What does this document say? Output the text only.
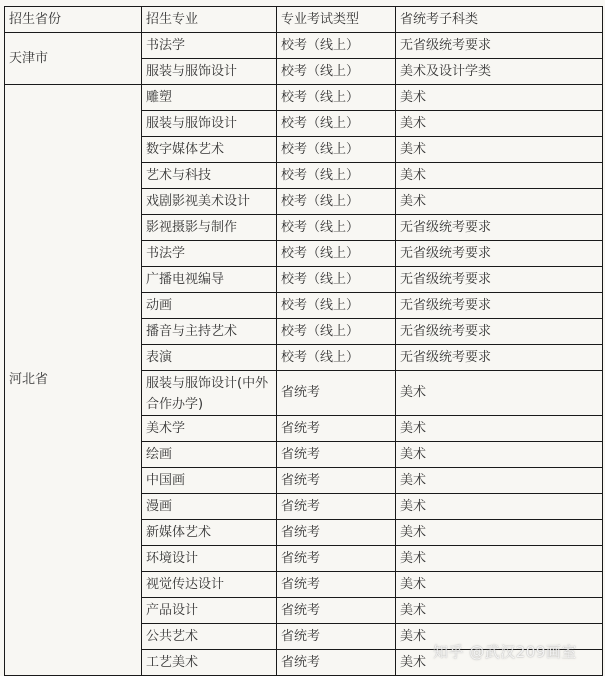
招生省份	招生专业	专业考试类型	省统考子科类
天津市	书法学	校考（线上）	无省级统考要求
	服装与服饰设计	校考（线上）	美术及设计学类
河北省	雕塑	校考（线上）	美术
	服装与服饰设计	校考（线上）	美术
	数字媒体艺术	校考（线上）	美术
	艺术与科技	校考（线上）	美术
	戏剧影视美术设计	校考（线上）	美术
	影视摄影与制作	校考（线上）	无省级统考要求
	书法学	校考（线上）	无省级统考要求
	广播电视编导	校考（线上）	无省级统考要求
	动画	校考（线上）	无省级统考要求
	播音与主持艺术	校考（线上）	无省级统考要求
	表演	校考（线上）	无省级统考要求
	服装与服饰设计(中外合作办学)	省统考	美术
	美术学	省统考	美术
	绘画	省统考	美术
	中国画	省统考	美术
	漫画	省统考	美术
	新媒体艺术	省统考	美术
	环境设计	省统考	美术
	视觉传达设计	省统考	美术
	产品设计	省统考	美术
	公共艺术	省统考	美术
	工艺美术	省统考	美术
知乎 @武汉209画室
